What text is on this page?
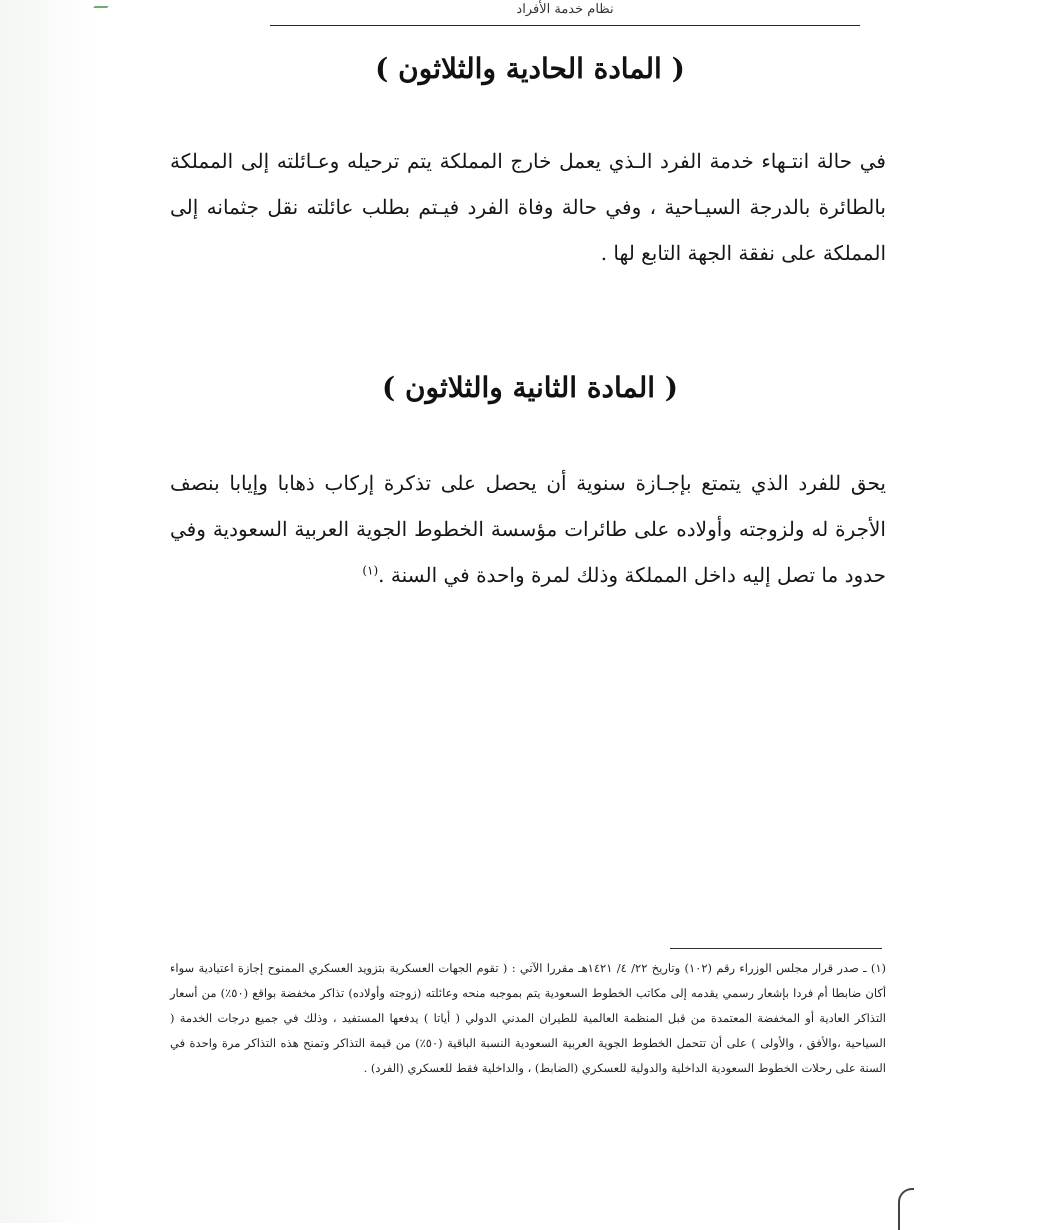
نظام خدمة الأفراد
( المادة الحادية والثلاثون )
في حالة انتـهاء خدمة الفرد الـذي يعمل خارج المملكة يتم ترحيله وعـائلته إلى المملكة بالطائرة بالدرجة السيـاحية ، وفي حالة وفاة الفرد فيـتم بطلب عائلته نقل جثمانه إلى المملكة على نفقة الجهة التابع لها .
( المادة الثانية والثلاثون )
يحق للفرد الذي يتمتع بإجـازة سنوية أن يحصل على تذكرة إركاب ذهابا وإيابا بنصف الأجرة له ولزوجته وأولاده على طائرات مؤسسة الخطوط الجوية العربية السعودية وفي حدود ما تصل إليه داخل المملكة وذلك لمرة واحدة في السنة .$^{(١)}$
(١) ـ صدر قرار مجلس الوزراء رقم (١٠٢) وتاريخ ٢٢/ ٤/ ١٤٢١هـ مقررا الآتي : ( تقوم الجهات العسكرية بتزويد العسكري الممنوح إجازة اعتيادية سواء أكان ضابطا أم فردا بإشعار رسمي يقدمه إلى مكاتب الخطوط السعودية يتم بموجبه منحه وعائلته (زوجته وأولاده) تذاكر مخفضة بواقع (٥٠٪) من أسعار التذاكر العادية أو المخفضة المعتمدة من قبل المنظمة العالمية للطيران المدني الدولي ( أياتا ) يدفعها المستفيد ، وذلك في جميع درجات الخدمة ( السياحية ،والأفق ، والأولى ) على أن تتحمل الخطوط الجوية العربية السعودية النسبة الباقية (٥٠٪) من قيمة التذاكر وتمنح هذه التذاكر مرة واحدة في السنة على رحلات الخطوط السعودية الداخلية والدولية للعسكري (الضابط) ، والداخلية فقط للعسكري (الفرد) .
